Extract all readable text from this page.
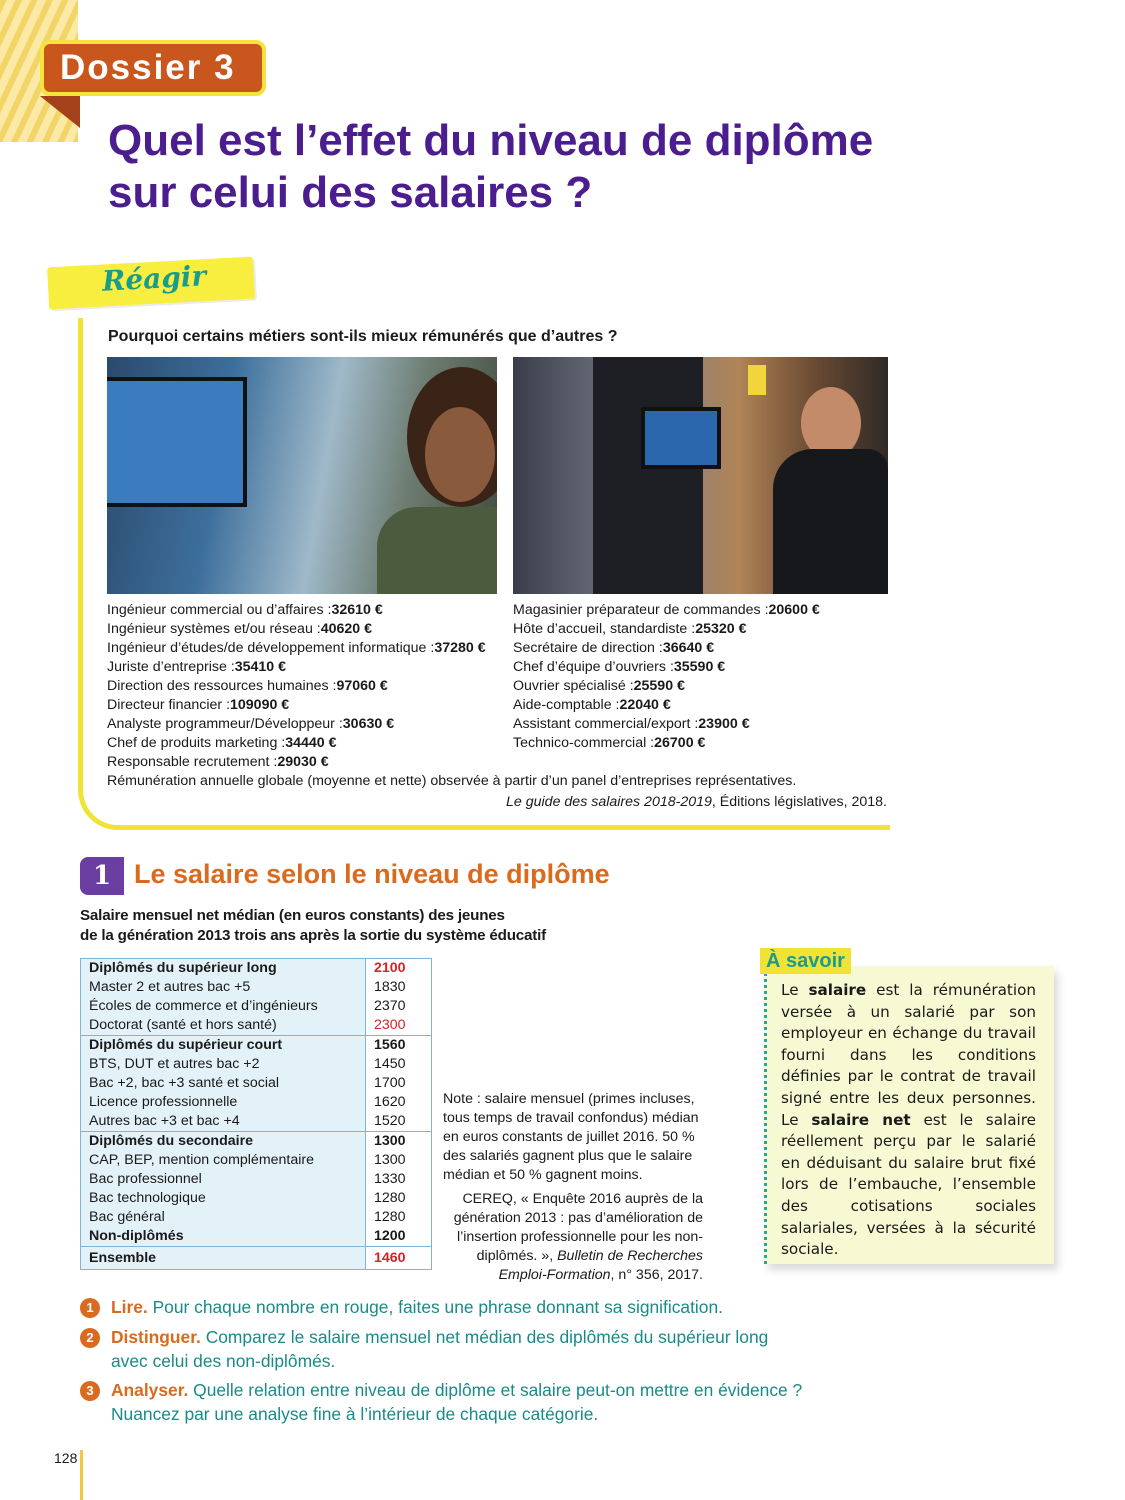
Dossier 3
Quel est l’effet du niveau de diplôme
sur celui des salaires ?
Réagir
Pourquoi certains métiers sont-ils mieux rémunérés que d’autres ?
Ingénieur commercial ou d’affaires :32610 €
Ingénieur systèmes et/ou réseau :40620 €
Ingénieur d’études/de développement informatique :37280 €
Juriste d’entreprise :35410 €
Direction des ressources humaines :97060 €
Directeur financier :109090 €
Analyste programmeur/Développeur :30630 €
Chef de produits marketing :34440 €
Responsable recrutement :29030 €
Magasinier préparateur de commandes :20600 €
Hôte d’accueil, standardiste :25320 €
Secrétaire de direction :36640 €
Chef d’équipe d’ouvriers :35590 €
Ouvrier spécialisé :25590 €
Aide-comptable :22040 €
Assistant commercial/export :23900 €
Technico-commercial :26700 €
Rémunération annuelle globale (moyenne et nette) observée à partir d’un panel d’entreprises représentatives.
Le guide des salaires 2018-2019, Éditions législatives, 2018.
1 Le salaire selon le niveau de diplôme
Salaire mensuel net médian (en euros constants) des jeunes
de la génération 2013 trois ans après la sortie du système éducatif
Diplômés du supérieur long	2100
Master 2 et autres bac +5	1830
Écoles de commerce et d’ingénieurs	2370
Doctorat (santé et hors santé)	2300
Diplômés du supérieur court	1560
BTS, DUT et autres bac +2	1450
Bac +2, bac +3 santé et social	1700
Licence professionnelle	1620
Autres bac +3 et bac +4	1520
Diplômés du secondaire	1300
CAP, BEP, mention complémentaire	1300
Bac professionnel	1330
Bac technologique	1280
Bac général	1280
Non-diplômés	1200
Ensemble	1460
Note : salaire mensuel (primes incluses, tous temps de travail confondus) médian en euros constants de juillet 2016. 50 % des salariés gagnent plus que le salaire médian et 50 % gagnent moins.
CEREQ, « Enquête 2016 auprès de la génération 2013 : pas d’amélioration de l’insertion professionnelle pour les non-diplômés. », Bulletin de Recherches Emploi-Formation, n° 356, 2017.
À savoir
Le salaire est la rémunération versée à un salarié par son employeur en échange du travail fourni dans les conditions définies par le contrat de travail signé entre les deux personnes. Le salaire net est le salaire réellement perçu par le salarié en déduisant du salaire brut fixé lors de l’embauche, l’ensemble des cotisations sociales salariales, versées à la sécurité sociale.
1 Lire. Pour chaque nombre en rouge, faites une phrase donnant sa signification.
2 Distinguer. Comparez le salaire mensuel net médian des diplômés du supérieur long avec celui des non-diplômés.
3 Analyser. Quelle relation entre niveau de diplôme et salaire peut-on mettre en évidence ? Nuancez par une analyse fine à l’intérieur de chaque catégorie.
128
